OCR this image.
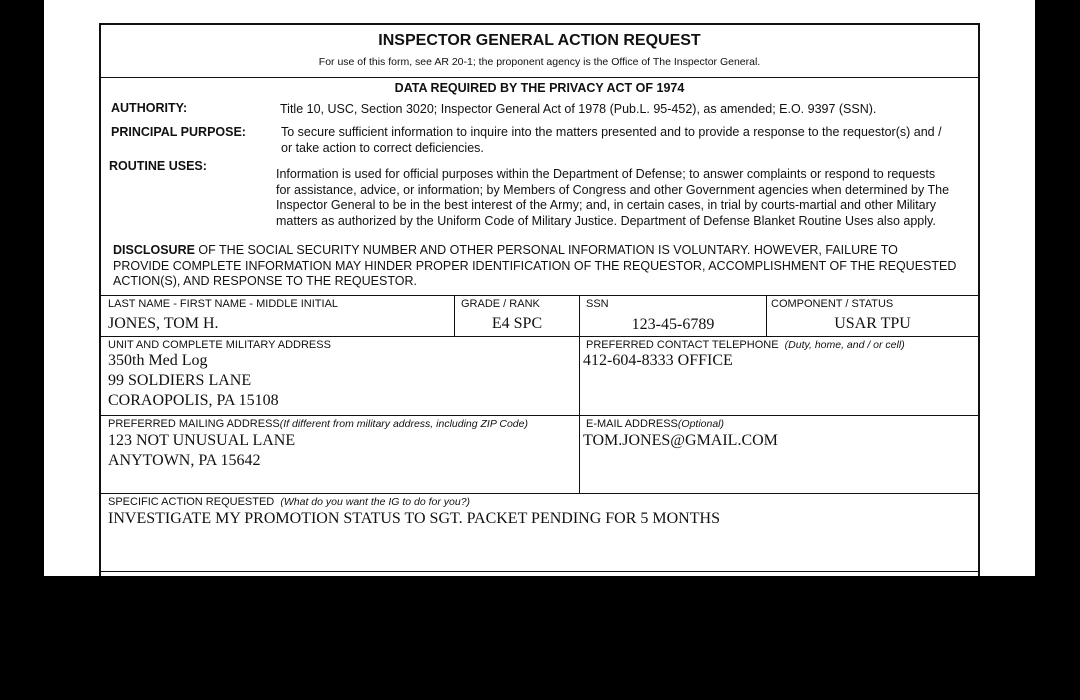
INSPECTOR GENERAL ACTION REQUEST
For use of this form, see AR 20-1; the proponent agency is the Office of The Inspector General.
DATA REQUIRED BY THE PRIVACY ACT OF 1974
AUTHORITY:	Title 10, USC, Section 3020; Inspector General Act of 1978 (Pub.L. 95-452), as amended; E.O. 9397 (SSN).
PRINCIPAL PURPOSE:	To secure sufficient information to inquire into the matters presented and to provide a response to the requestor(s) and /
or take action to correct deficiencies.
ROUTINE USES:
Information is used for official purposes within the Department of Defense; to answer complaints or respond to requests
for assistance, advice, or information; by Members of Congress and other Government agencies when determined by The
Inspector General to be in the best interest of the Army; and, in certain cases, in trial by courts-martial and other Military
matters as authorized by the Uniform Code of Military Justice. Department of Defense Blanket Routine Uses also apply.
DISCLOSURE OF THE SOCIAL SECURITY NUMBER AND OTHER PERSONAL INFORMATION IS VOLUNTARY. HOWEVER, FAILURE TO
PROVIDE COMPLETE INFORMATION MAY HINDER PROPER IDENTIFICATION OF THE REQUESTOR, ACCOMPLISHMENT OF THE REQUESTED
ACTION(S), AND RESPONSE TO THE REQUESTOR.
LAST NAME - FIRST NAME - MIDDLE INITIAL
JONES, TOM H.
GRADE / RANK
E4 SPC
SSN
123-45-6789
COMPONENT / STATUS
USAR TPU
UNIT AND COMPLETE MILITARY ADDRESS
350th Med Log
99 SOLDIERS LANE
CORAOPOLIS, PA 15108
PREFERRED CONTACT TELEPHONE (Duty, home, and / or cell)
412-604-8333 OFFICE
PREFERRED MAILING ADDRESS(If different from military address, including ZIP Code)
123 NOT UNUSUAL LANE
ANYTOWN, PA 15642
E-MAIL ADDRESS(Optional)
TOM.JONES@GMAIL.COM
SPECIFIC ACTION REQUESTED (What do you want the IG to do for you?)
INVESTIGATE MY PROMOTION STATUS TO SGT. PACKET PENDING FOR 5 MONTHS
